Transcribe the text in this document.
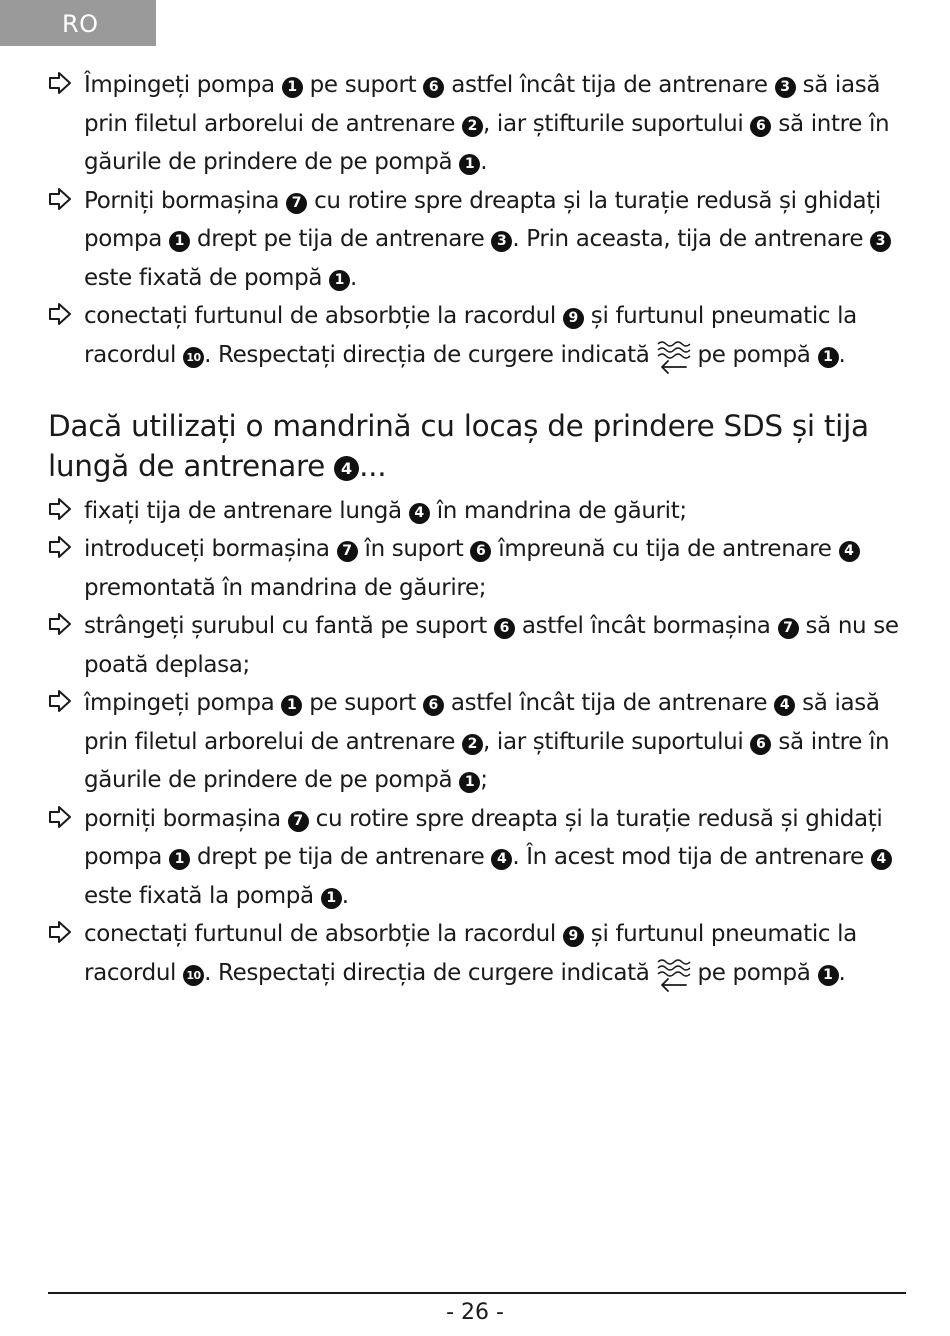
RO
Împingeți pompa 1 pe suport 6 astfel încât tija de antrenare 3 să iasă prin filetul arborelui de antrenare 2 , iar știfturile suportului 6 să intre în găurile de prindere de pe pompă 1 .
Porniți bormașina 7 cu rotire spre dreapta și la turație redusă și ghidați pompa 1 drept pe tija de antrenare 3 . Prin aceasta, tija de antrenare 3 este fixată de pompă 1 .
conectați furtunul de absorbție la racordul 9 și furtunul pneumatic la racordul 10 . Respectați direcția de curgere indicată pe pompă 1 .
Dacă utilizați o mandrină cu locaș de prindere SDS și tija lungă de antrenare 4 ...
fixați tija de antrenare lungă 4 în mandrina de găurit;
introduceți bormașina 7 în suport 6 împreună cu tija de antrenare 4 premontată în mandrina de găurire;
strângeți șurubul cu fantă pe suport 6 astfel încât bormașina 7 să nu se poată deplasa;
împingeți pompa 1 pe suport 6 astfel încât tija de antrenare 4 să iasă prin filetul arborelui de antrenare 2 , iar știfturile suportului 6 să intre în găurile de prindere de pe pompă 1 ;
porniți bormașina 7 cu rotire spre dreapta și la turație redusă și ghidați pompa 1 drept pe tija de antrenare 4 . În acest mod tija de antrenare 4 este fixată la pompă 1 .
conectați furtunul de absorbție la racordul 9 și furtunul pneumatic la racordul 10 . Respectați direcția de curgere indicată pe pompă 1 .
- 26 -
